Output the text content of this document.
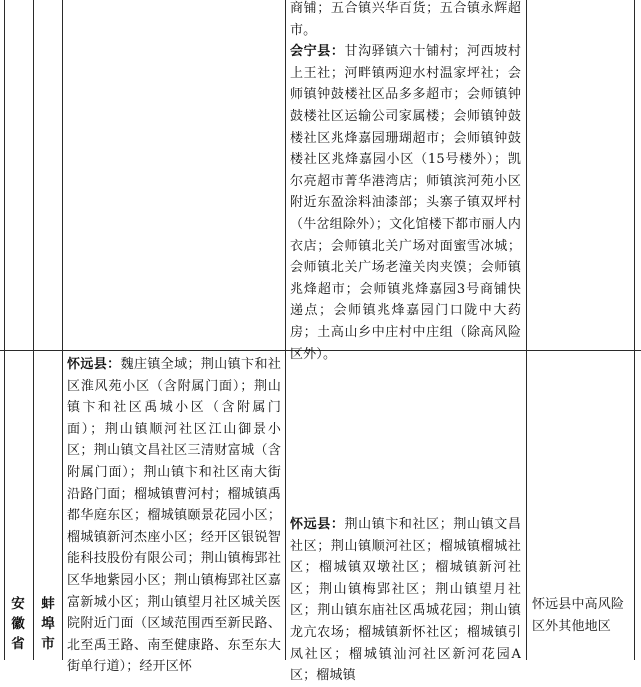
商铺；五合镇兴华百货；五合镇永辉超市。
会宁县：甘沟驿镇六十铺村；河西坡村上王社；河畔镇两迎水村温家坪社；会师镇钟鼓楼社区品多多超市；会师镇钟鼓楼社区运输公司家属楼；会师镇钟鼓楼社区兆烽嘉园珊瑚超市；会师镇钟鼓楼社区兆烽嘉园小区（15号楼外）；凯尔亮超市菁华港湾店；师镇滨河苑小区附近东盈涂料油漆部；头寨子镇双坪村（牛岔组除外）；文化馆楼下都市丽人内衣店；会师镇北关广场对面蜜雪冰城；会师镇北关广场老潼关肉夹馍；会师镇兆烽超市；会师镇兆烽嘉园3号商铺快递点；会师镇兆烽嘉园门口陇中大药房；土高山乡中庄村中庄组（除高风险区外）。
安徽省
蚌埠市
怀远县：魏庄镇全域；荆山镇卞和社区淮风苑小区（含附属门面）；荆山镇卞和社区禹城小区（含附属门面）；荆山镇顺河社区江山御景小区；荆山镇文昌社区三清财富城（含附属门面）；荆山镇卞和社区南大街沿路门面；榴城镇曹河村；榴城镇禹都华庭东区；榴城镇颐景花园小区；榴城镇新河杰座小区；经开区银锐智能科技股份有限公司；荆山镇梅郢社区华地紫园小区；荆山镇梅郢社区嘉富新城小区；荆山镇望月社区城关医院附近门面（区域范围西至新民路、北至禹王路、南至健康路、东至东大街单行道）；经开区怀
怀远县：荆山镇卞和社区；荆山镇文昌社区；荆山镇顺河社区；榴城镇榴城社区；榴城镇双墩社区；榴城镇新河社区；荆山镇梅郢社区；荆山镇望月社区；荆山镇东庙社区禹城花园；荆山镇龙亢农场；榴城镇新怀社区；榴城镇引凤社区；榴城镇汕河社区新河花园A区；榴城镇
怀远县中高风险区外其他地区
